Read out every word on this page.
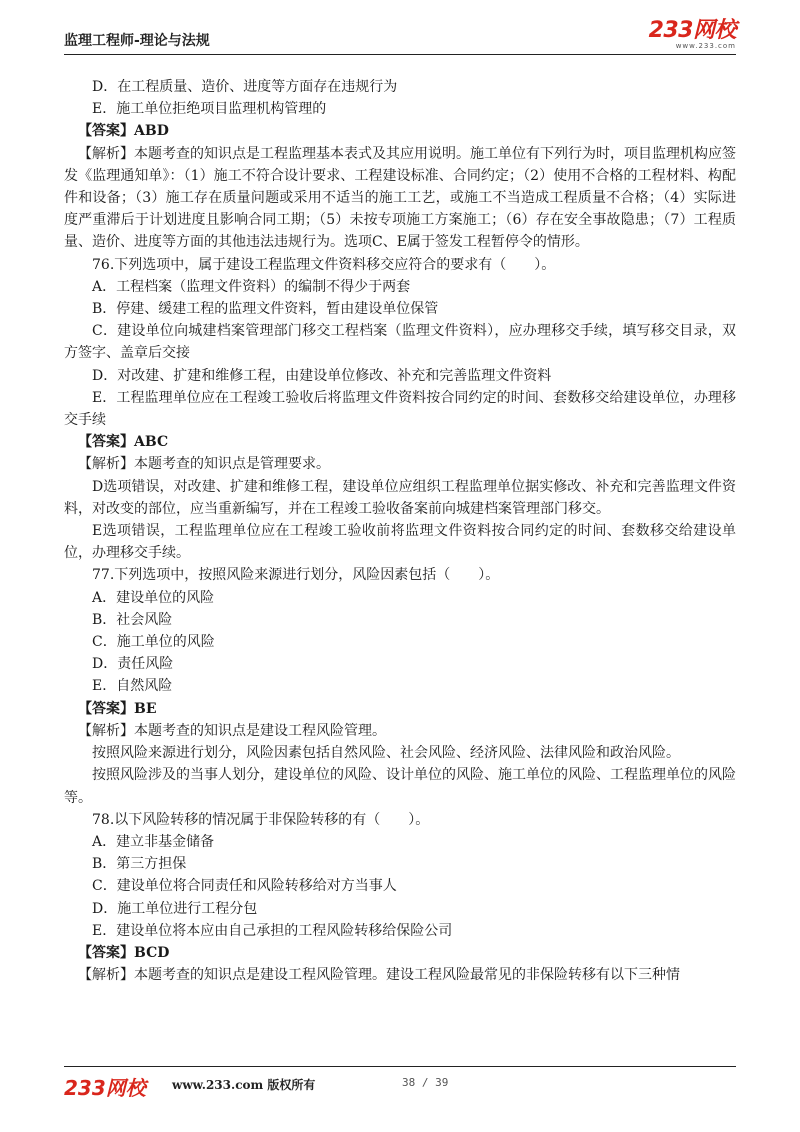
监理工程师-理论与法规	233网校
www.233.com

D．在工程质量、造价、进度等方面存在违规行为

E．施工单位拒绝项目监理机构管理的

【答案】ABD

【解析】本题考查的知识点是工程监理基本表式及其应用说明。施工单位有下列行为时，项目监理机构应签发《监理通知单》：（1）施工不符合设计要求、工程建设标准、合同约定；（2）使用不合格的工程材料、构配件和设备；（3）施工存在质量问题或采用不适当的施工工艺，或施工不当造成工程质量不合格；（4）实际进度严重滞后于计划进度且影响合同工期；（5）未按专项施工方案施工；（6）存在安全事故隐患；（7）工程质量、造价、进度等方面的其他违法违规行为。选项C、E属于签发工程暂停令的情形。

76.下列选项中，属于建设工程监理文件资料移交应符合的要求有（　　）。

A．工程档案（监理文件资料）的编制不得少于两套

B．停建、缓建工程的监理文件资料，暂由建设单位保管

C．建设单位向城建档案管理部门移交工程档案（监理文件资料），应办理移交手续，填写移交目录，双方签字、盖章后交接

D．对改建、扩建和维修工程，由建设单位修改、补充和完善监理文件资料

E．工程监理单位应在工程竣工验收后将监理文件资料按合同约定的时间、套数移交给建设单位，办理移交手续

【答案】ABC

【解析】本题考查的知识点是管理要求。

D选项错误，对改建、扩建和维修工程，建设单位应组织工程监理单位据实修改、补充和完善监理文件资料，对改变的部位，应当重新编写，并在工程竣工验收备案前向城建档案管理部门移交。

E选项错误，工程监理单位应在工程竣工验收前将监理文件资料按合同约定的时间、套数移交给建设单位，办理移交手续。

77.下列选项中，按照风险来源进行划分，风险因素包括（　　）。

A．建设单位的风险

B．社会风险

C．施工单位的风险

D．责任风险

E．自然风险

【答案】BE

【解析】本题考查的知识点是建设工程风险管理。

按照风险来源进行划分，风险因素包括自然风险、社会风险、经济风险、法律风险和政治风险。

按照风险涉及的当事人划分，建设单位的风险、设计单位的风险、施工单位的风险、工程监理单位的风险等。

78.以下风险转移的情况属于非保险转移的有（　　）。

A．建立非基金储备

B．第三方担保

C．建设单位将合同责任和风险转移给对方当事人

D．施工单位进行工程分包

E．建设单位将本应由自己承担的工程风险转移给保险公司

【答案】BCD

【解析】本题考查的知识点是建设工程风险管理。建设工程风险最常见的非保险转移有以下三种情

233网校 www.233.com 版权所有	38 / 39
